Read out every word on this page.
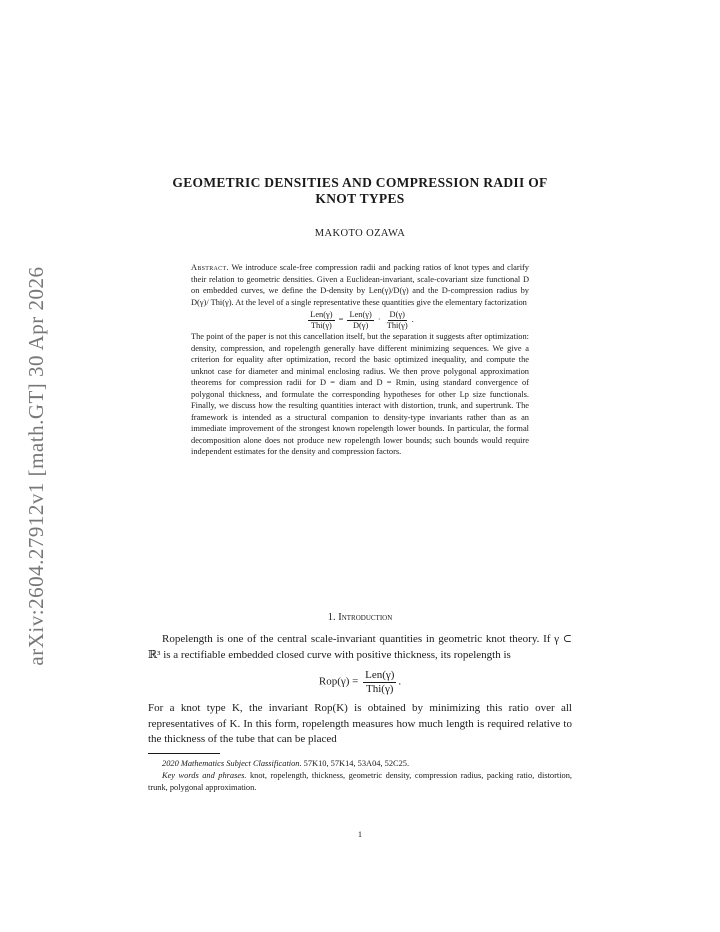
arXiv:2604.27912v1 [math.GT] 30 Apr 2026
GEOMETRIC DENSITIES AND COMPRESSION RADII OF
KNOT TYPES
MAKOTO OZAWA

Abstract. We introduce scale-free compression radii and packing ratios of knot types and clarify their relation to geometric densities. Given a Euclidean-invariant, scale-covariant size functional D on embedded curves, we define the D-density by Len(γ)/D(γ) and the D-compression radius by D(γ)/ Thi(γ). At the level of a single representative these quantities give the elementary factorization

$\frac{\text{Len(γ)}}{\text{Thi(γ)}} = \frac{\text{Len(γ)}}{D(\gamma)} \cdot \frac{D(\gamma)}{\text{Thi(γ)}}$ .

The point of the paper is not this cancellation itself, but the separation it suggests after optimization: density, compression, and ropelength generally have different minimizing sequences. We give a criterion for equality after optimization, record the basic optimized inequality, and compute the unknot case for diameter and minimal enclosing radius. We then prove polygonal approximation theorems for compression radii for D = diam and D = Rmin, using standard convergence of polygonal thickness, and formulate the corresponding hypotheses for other Lp size functionals. Finally, we discuss how the resulting quantities interact with distortion, trunk, and supertrunk. The framework is intended as a structural companion to density-type invariants rather than as an immediate improvement of the strongest known ropelength lower bounds. In particular, the formal decomposition alone does not produce new ropelength lower bounds; such bounds would require independent estimates for the density and compression factors.

1. Introduction

Ropelength is one of the central scale-invariant quantities in geometric knot theory. If γ ⊂ ℝ³ is a rectifiable embedded closed curve with positive thickness, its ropelength is

$Rop(\gamma) = \frac{\text{Len(γ)}}{\text{Thi(γ)}}$ .

For a knot type K, the invariant Rop(K) is obtained by minimizing this ratio over all representatives of K. In this form, ropelength measures how much length is required relative to the thickness of the tube that can be placed

2020 Mathematics Subject Classification. 57K10, 57K14, 53A04, 52C25.

Key words and phrases. knot, ropelength, thickness, geometric density, compression radius, packing ratio, distortion, trunk, polygonal approximation.

1
